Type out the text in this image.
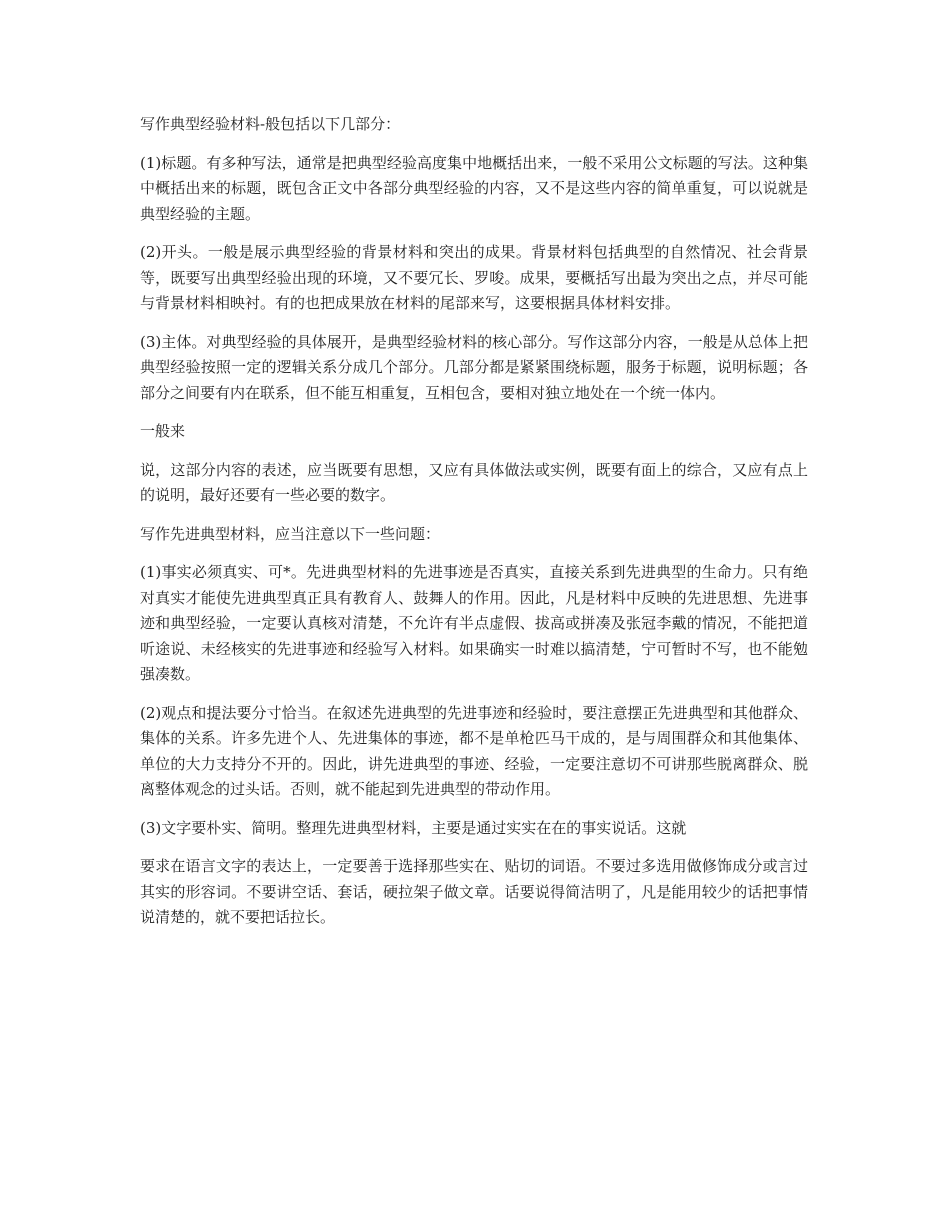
写作典型经验材料-般包括以下几部分：

(1)标题。有多种写法，通常是把典型经验高度集中地概括出来，一般不采用公文标题的写法。这种集中概括出来的标题，既包含正文中各部分典型经验的内容，又不是这些内容的简单重复，可以说就是典型经验的主题。

(2)开头。一般是展示典型经验的背景材料和突出的成果。背景材料包括典型的自然情况、社会背景等，既要写出典型经验出现的环境，又不要冗长、罗唆。成果，要概括写出最为突出之点，并尽可能与背景材料相映衬。有的也把成果放在材料的尾部来写，这要根据具体材料安排。

(3)主体。对典型经验的具体展开，是典型经验材料的核心部分。写作这部分内容，一般是从总体上把典型经验按照一定的逻辑关系分成几个部分。几部分都是紧紧围绕标题，服务于标题，说明标题；各部分之间要有内在联系，但不能互相重复，互相包含，要相对独立地处在一个统一体内。

一般来

说，这部分内容的表述，应当既要有思想，又应有具体做法或实例，既要有面上的综合，又应有点上的说明，最好还要有一些必要的数字。

写作先进典型材料，应当注意以下一些问题：

(1)事实必须真实、可*。先进典型材料的先进事迹是否真实，直接关系到先进典型的生命力。只有绝对真实才能使先进典型真正具有教育人、鼓舞人的作用。因此，凡是材料中反映的先进思想、先进事迹和典型经验，一定要认真核对清楚，不允许有半点虚假、拔高或拼凑及张冠李戴的情况，不能把道听途说、未经核实的先进事迹和经验写入材料。如果确实一时难以搞清楚，宁可暂时不写，也不能勉强凑数。

(2)观点和提法要分寸恰当。在叙述先进典型的先进事迹和经验时，要注意摆正先进典型和其他群众、集体的关系。许多先进个人、先进集体的事迹，都不是单枪匹马干成的，是与周围群众和其他集体、单位的大力支持分不开的。因此，讲先进典型的事迹、经验，一定要注意切不可讲那些脱离群众、脱离整体观念的过头话。否则，就不能起到先进典型的带动作用。

(3)文字要朴实、简明。整理先进典型材料，主要是通过实实在在的事实说话。这就

要求在语言文字的表达上，一定要善于选择那些实在、贴切的词语。不要过多选用做修饰成分或言过其实的形容词。不要讲空话、套话，硬拉架子做文章。话要说得简洁明了，凡是能用较少的话把事情说清楚的，就不要把话拉长。
